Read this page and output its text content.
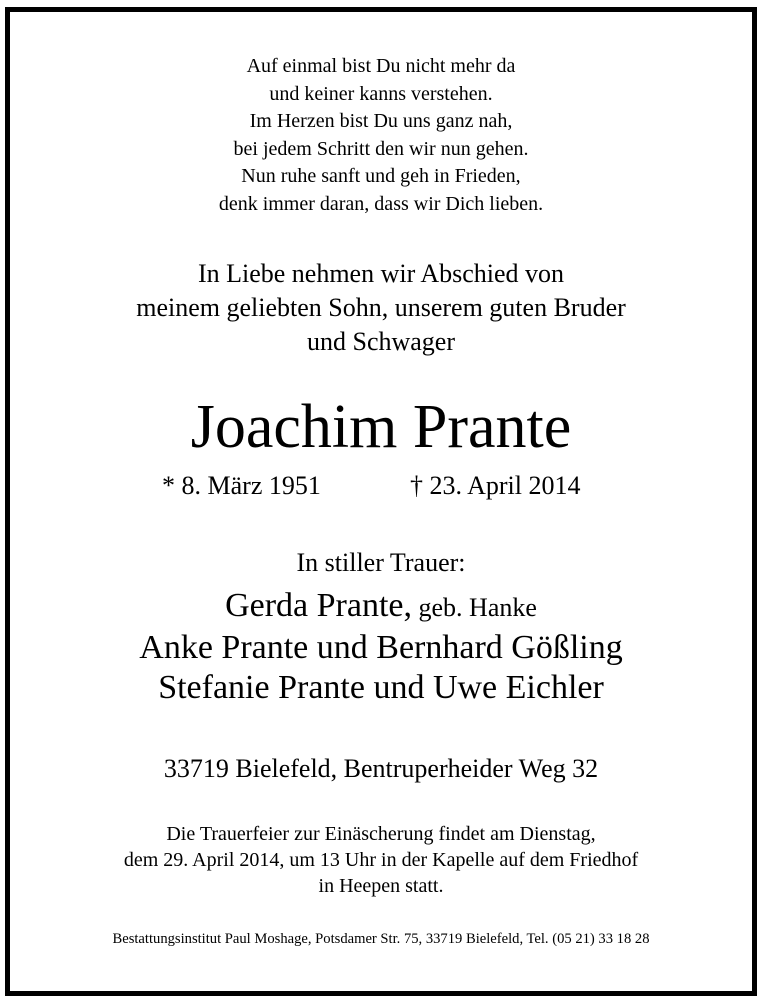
Auf einmal bist Du nicht mehr da
und keiner kanns verstehen.
Im Herzen bist Du uns ganz nah,
bei jedem Schritt den wir nun gehen.
Nun ruhe sanft und geh in Frieden,
denk immer daran, dass wir Dich lieben.
In Liebe nehmen wir Abschied von
meinem geliebten Sohn, unserem guten Bruder
und Schwager
Joachim Prante
* 8. März 1951	† 23. April 2014
In stiller Trauer:
Gerda Prante, geb. Hanke
Anke Prante und Bernhard Gößling
Stefanie Prante und Uwe Eichler
33719 Bielefeld, Bentruperheider Weg 32
Die Trauerfeier zur Einäscherung findet am Dienstag,
dem 29. April 2014, um 13 Uhr in der Kapelle auf dem Friedhof
in Heepen statt.
Bestattungsinstitut Paul Moshage, Potsdamer Str. 75, 33719 Bielefeld, Tel. (05 21) 33 18 28
